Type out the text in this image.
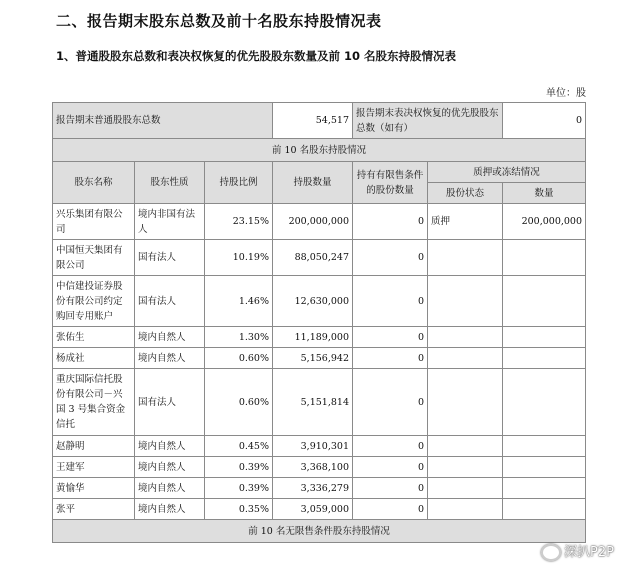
二、报告期末股东总数及前十名股东持股情况表
1、普通股股东总数和表决权恢复的优先股股东数量及前 10 名股东持股情况表
单位：股
报告期末普通股股东总数			54,517	报告期末表决权恢复的优先股股东总数（如有）		0
前 10 名股东持股情况						
股东名称	股东性质	持股比例	持股数量	持有有限售条件的股份数量	质押或冻结情况	
					股份状态	数量
兴乐集团有限公司	境内非国有法人	23.15%	200,000,000	0	质押	200,000,000
中国恒天集团有限公司	国有法人	10.19%	88,050,247	0		
中信建投证券股份有限公司约定购回专用账户	国有法人	1.46%	12,630,000	0		
张佑生	境内自然人	1.30%	11,189,000	0		
杨成社	境内自然人	0.60%	5,156,942	0		
重庆国际信托股份有限公司－兴国 3 号集合资金信托	国有法人	0.60%	5,151,814	0		
赵静明	境内自然人	0.45%	3,910,301	0		
王建军	境内自然人	0.39%	3,368,100	0		
黄愉华	境内自然人	0.39%	3,336,279	0		
张平	境内自然人	0.35%	3,059,000	0		
前 10 名无限售条件股东持股情况						
深扒P2P
